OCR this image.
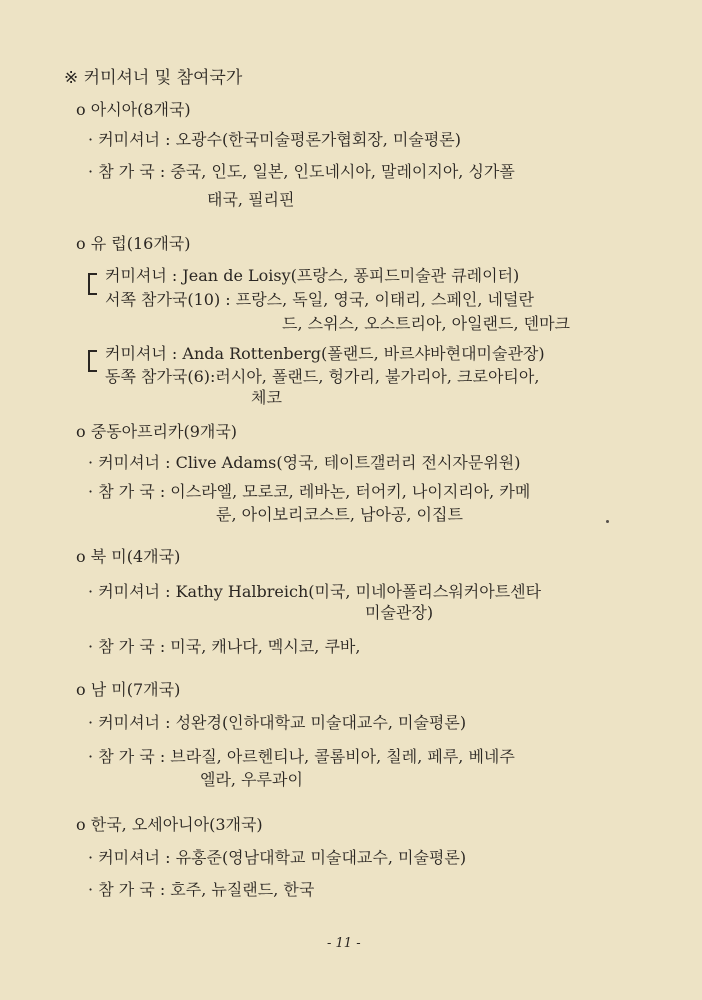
※ 커미셔너 및 참여국가
o 아시아(8개국)
· 커미셔너 : 오광수(한국미술평론가협회장, 미술평론)
· 참 가 국 : 중국, 인도, 일본, 인도네시아, 말레이지아, 싱가폴
태국, 필리핀
o 유 럽(16개국)
커미셔너 : Jean de Loisy(프랑스, 퐁피드미술관 큐레이터)
서쪽 참가국(10) : 프랑스, 독일, 영국, 이태리, 스페인, 네덜란
드, 스위스, 오스트리아, 아일랜드, 덴마크
커미셔너 : Anda Rottenberg(폴랜드, 바르샤바현대미술관장)
동쪽 참가국(6):러시아, 폴랜드, 헝가리, 불가리아, 크로아티아,
체코
o 중동아프리카(9개국)
· 커미셔너 : Clive Adams(영국, 테이트갤러리 전시자문위원)
· 참 가 국 : 이스라엘, 모로코, 레바논, 터어키, 나이지리아, 카메
룬, 아이보리코스트, 남아공, 이집트
o 북 미(4개국)
· 커미셔너 : Kathy Halbreich(미국, 미네아폴리스워커아트센타
미술관장)
· 참 가 국 : 미국, 캐나다, 멕시코, 쿠바,
o 남 미(7개국)
· 커미셔너 : 성완경(인하대학교 미술대교수, 미술평론)
· 참 가 국 : 브라질, 아르헨티나, 콜롬비아, 칠레, 페루, 베네주
엘라, 우루과이
o 한국, 오세아니아(3개국)
· 커미셔너 : 유홍준(영남대학교 미술대교수, 미술평론)
· 참 가 국 : 호주, 뉴질랜드, 한국
- 11 -
